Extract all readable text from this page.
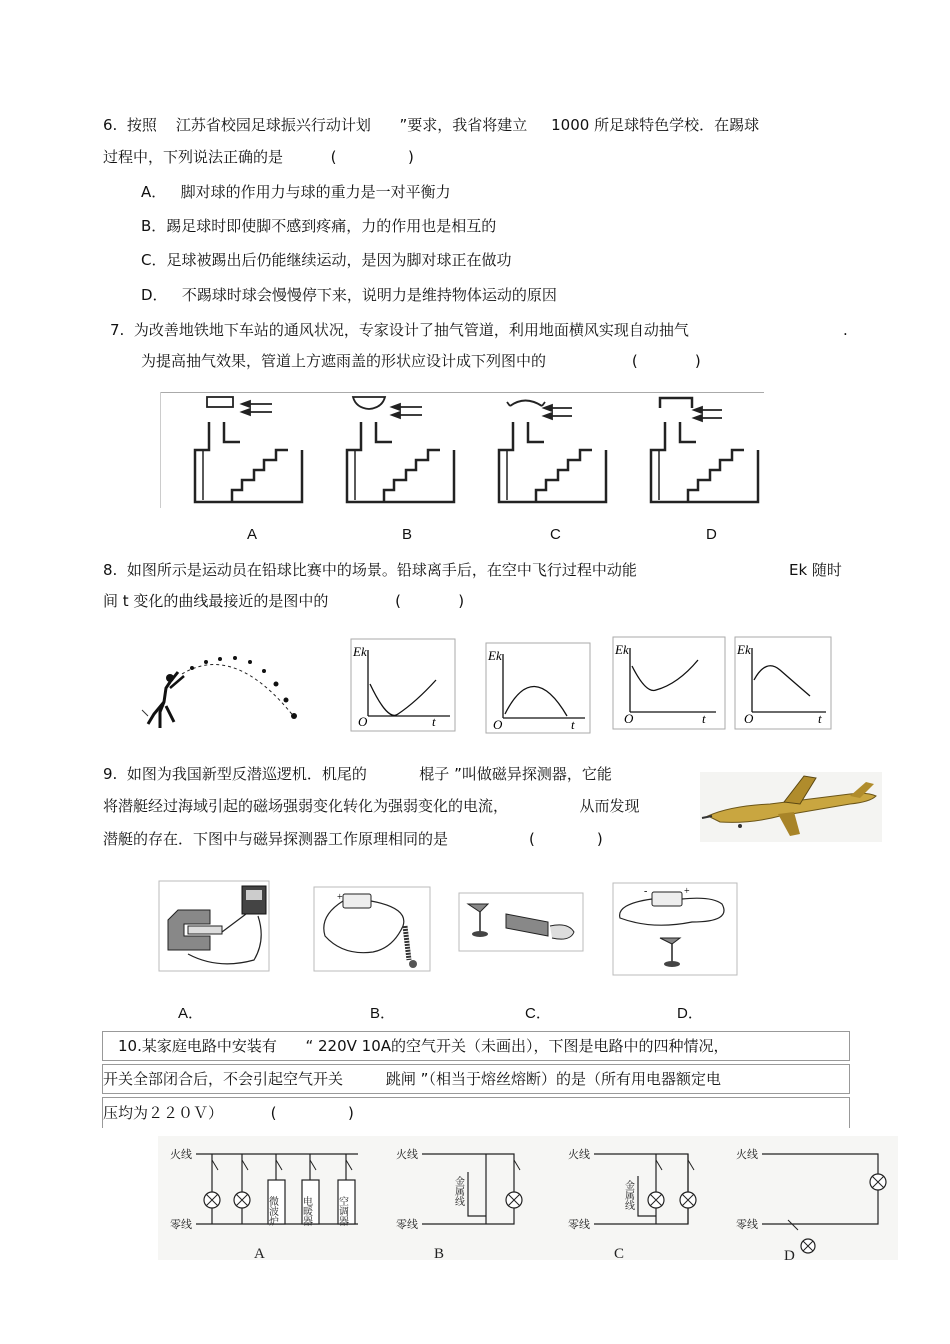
6.  按照    江苏省校园足球振兴行动计划      ”要求，我省将建立     1000 所足球特色学校．在踢球
过程中，下列说法正确的是          (               )
A．   脚对球的作用力与球的重力是一对平衡力
B．踢足球时即使脚不感到疼痛，力的作用也是相互的
C．足球被踢出后仍能继续运动，是因为脚对球正在做功
D．   不踢球时球会慢慢停下来，说明力是维持物体运动的原因
7.  为改善地铁地下车站的通风状况，专家设计了抽气管道，利用地面横风实现自动抽气	.
为提高抽气效果，管道上方遮雨盖的形状应设计成下列图中的                  (            )
A	B	C	D
8.  如图所示是运动员在铅球比赛中的场景。铅球离手后，在空中飞行过程中动能	Ek 随时
间 t 变化的曲线最接近的是图中的              (            )
Ek
O	t
Ek
O	t
Ek
O	t
Ek
O	t
9.  如图为我国新型反潜巡逻机．机尾的           棍子 ”叫做磁异探测器，它能
将潜艇经过海域引起的磁场强弱变化转化为强弱变化的电流，               从而发现
潜艇的存在．下图中与磁异探测器工作原理相同的是                 (             )
+
-	+
A．	B．	C．	D．
10.某家庭电路中安装有      “ 220V 10A的空气开关（未画出），下图是电路中的四种情况，
开关全部闭合后，不会引起空气开关         跳闸 ”（相当于熔丝熔断）的是（所有用电器额定电
压均为２２０Ｖ）          (               )
火线
零线
火线
零线
火线
零线
火线
零线
微波炉 电暖器	空调器
金属线	金属线
A	B	C	D
